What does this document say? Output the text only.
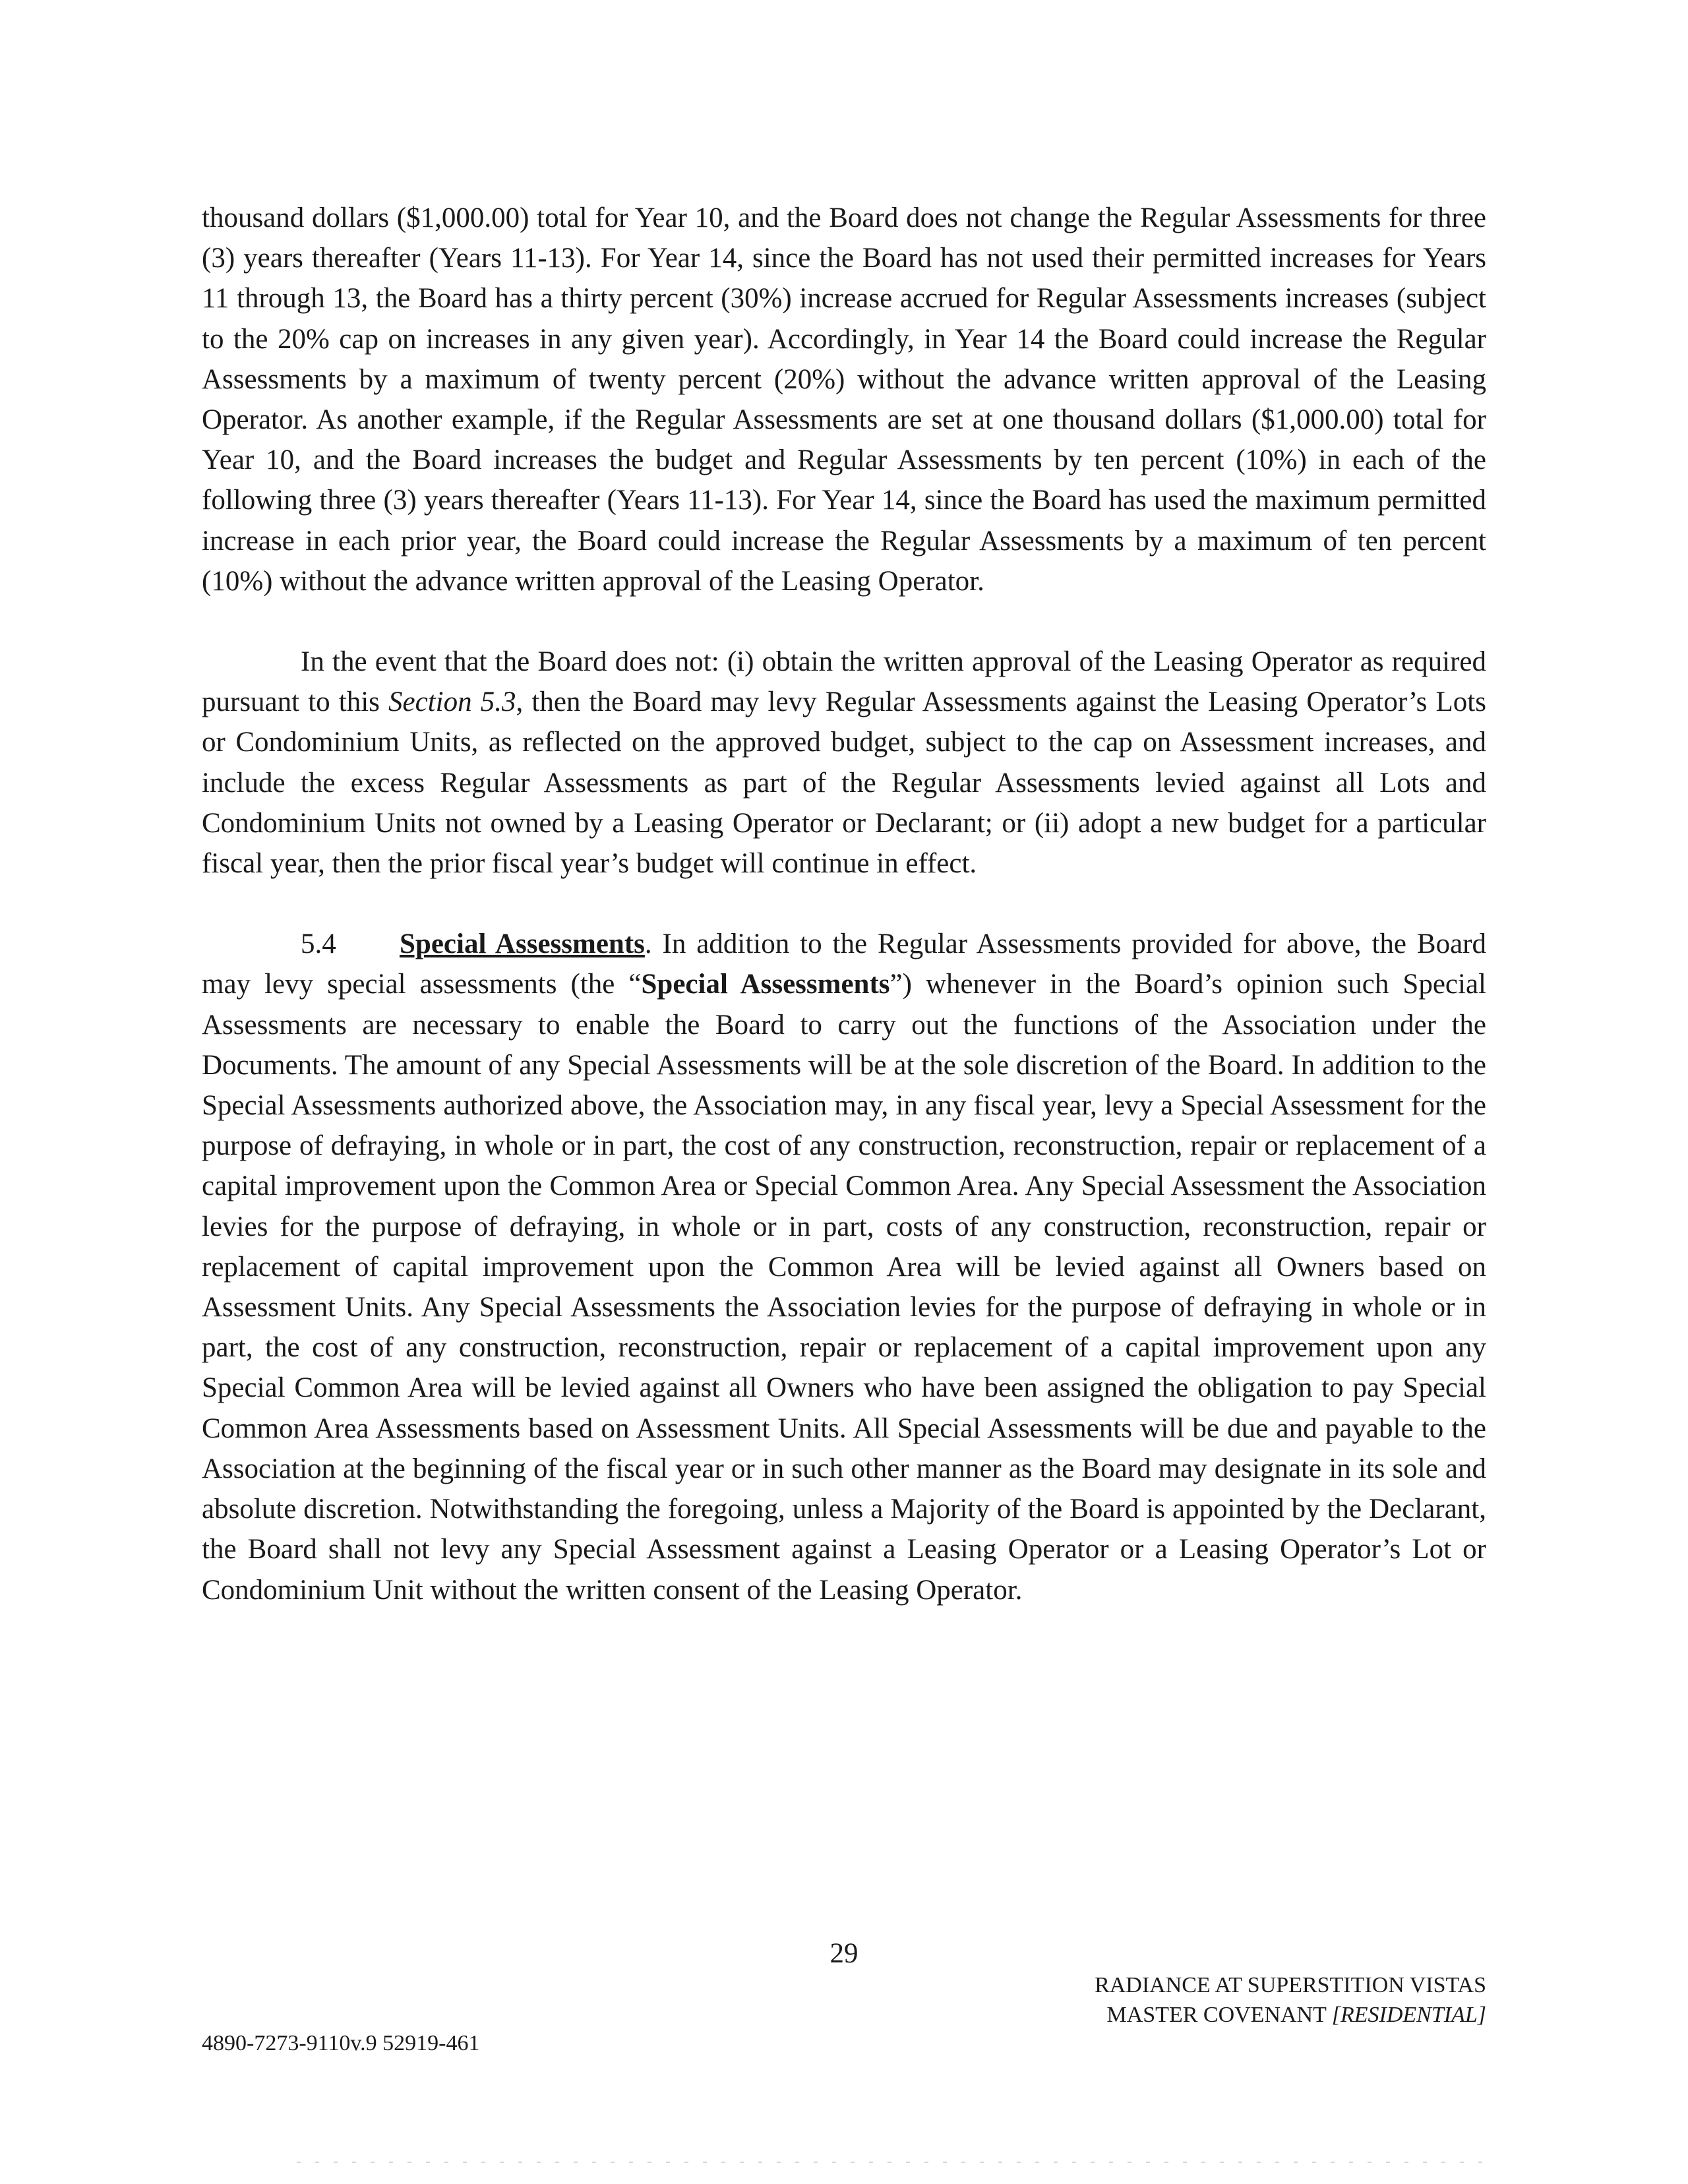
thousand dollars ($1,000.00) total for Year 10, and the Board does not change the Regular Assessments for three (3) years thereafter (Years 11-13). For Year 14, since the Board has not used their permitted increases for Years 11 through 13, the Board has a thirty percent (30%) increase accrued for Regular Assessments increases (subject to the 20% cap on increases in any given year). Accordingly, in Year 14 the Board could increase the Regular Assessments by a maximum of twenty percent (20%) without the advance written approval of the Leasing Operator. As another example, if the Regular Assessments are set at one thousand dollars ($1,000.00) total for Year 10, and the Board increases the budget and Regular Assessments by ten percent (10%) in each of the following three (3) years thereafter (Years 11-13). For Year 14, since the Board has used the maximum permitted increase in each prior year, the Board could increase the Regular Assessments by a maximum of ten percent (10%) without the advance written approval of the Leasing Operator.

In the event that the Board does not: (i) obtain the written approval of the Leasing Operator as required pursuant to this Section 5.3, then the Board may levy Regular Assessments against the Leasing Operator’s Lots or Condominium Units, as reflected on the approved budget, subject to the cap on Assessment increases, and include the excess Regular Assessments as part of the Regular Assessments levied against all Lots and Condominium Units not owned by a Leasing Operator or Declarant; or (ii) adopt a new budget for a particular fiscal year, then the prior fiscal year’s budget will continue in effect.

5.4 Special Assessments. In addition to the Regular Assessments provided for above, the Board may levy special assessments (the “Special Assessments”) whenever in the Board’s opinion such Special Assessments are necessary to enable the Board to carry out the functions of the Association under the Documents. The amount of any Special Assessments will be at the sole discretion of the Board. In addition to the Special Assessments authorized above, the Association may, in any fiscal year, levy a Special Assessment for the purpose of defraying, in whole or in part, the cost of any construction, reconstruction, repair or replacement of a capital improvement upon the Common Area or Special Common Area. Any Special Assessment the Association levies for the purpose of defraying, in whole or in part, costs of any construction, reconstruction, repair or replacement of capital improvement upon the Common Area will be levied against all Owners based on Assessment Units. Any Special Assessments the Association levies for the purpose of defraying in whole or in part, the cost of any construction, reconstruction, repair or replacement of a capital improvement upon any Special Common Area will be levied against all Owners who have been assigned the obligation to pay Special Common Area Assessments based on Assessment Units. All Special Assessments will be due and payable to the Association at the beginning of the fiscal year or in such other manner as the Board may designate in its sole and absolute discretion. Notwithstanding the foregoing, unless a Majority of the Board is appointed by the Declarant, the Board shall not levy any Special Assessment against a Leasing Operator or a Leasing Operator’s Lot or Condominium Unit without the written consent of the Leasing Operator.

29
RADIANCE AT SUPERSTITION VISTAS
MASTER COVENANT [RESIDENTIAL]
4890-7273-9110v.9 52919-461
